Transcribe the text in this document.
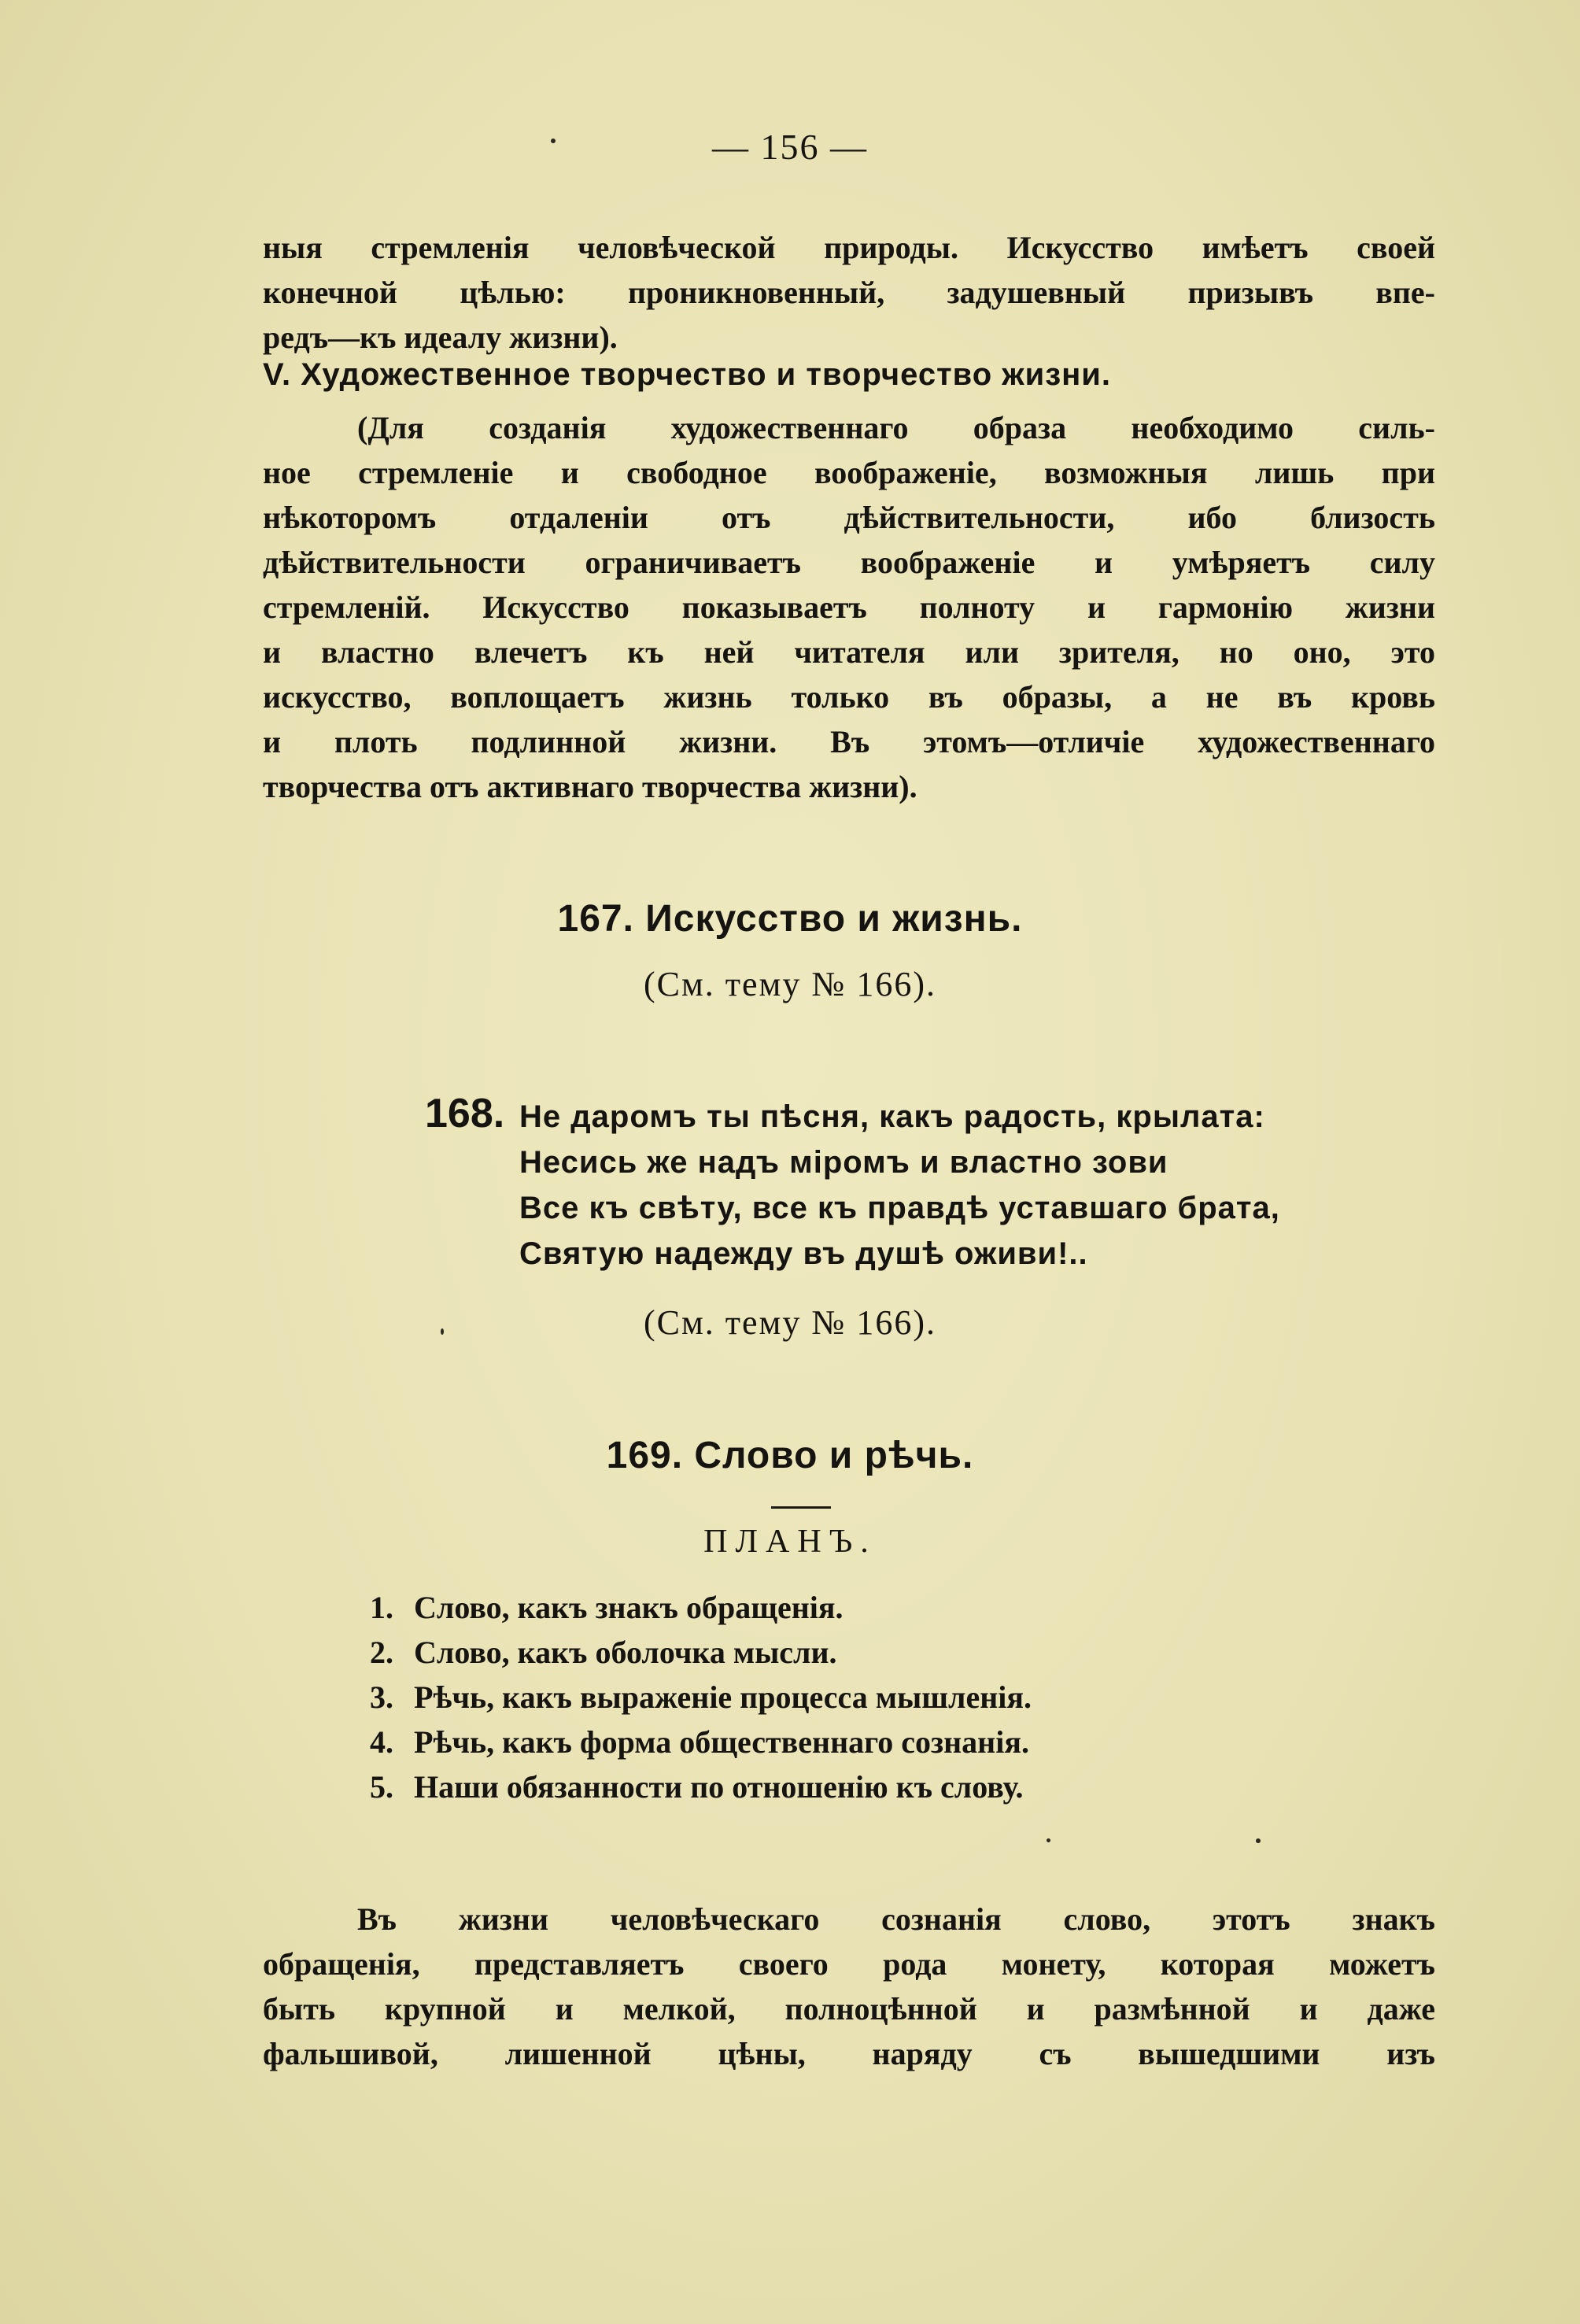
— 156 —
ныя стремленія человѣческой природы. Искусство имѣетъ своей
конечной цѣлью: проникновенный, задушевный призывъ впе-
редъ—къ идеалу жизни).
V. Художественное творчество и творчество жизни.
(Для созданія художественнаго образа необходимо силь-
ное стремленіе и свободное воображеніе, возможныя лишь при
нѣкоторомъ отдаленіи отъ дѣйствительности, ибо близость
дѣйствительности ограничиваетъ воображеніе и умѣряетъ силу
стремленій. Искусство показываетъ полноту и гармонію жизни
и властно влечетъ къ ней читателя или зрителя, но оно, это
искусство, воплощаетъ жизнь только въ образы, а не въ кровь
и плоть подлинной жизни. Въ этомъ—отличіе художественнаго
творчества отъ активнаго творчества жизни).
167. Искусство и жизнь.
(См. тему № 166).
168. Не даромъ ты пѣсня, какъ радость, крылата:
Несись же надъ міромъ и властно зови
Все къ свѣту, все къ правдѣ уставшаго брата,
Святую надежду въ душѣ оживи!..
(См. тему № 166).
169. Слово и рѣчь.
ПЛАНЪ.
1. Слово, какъ знакъ обращенія.
2. Слово, какъ оболочка мысли.
3. Рѣчь, какъ выраженіе процесса мышленія.
4. Рѣчь, какъ форма общественнаго сознанія.
5. Наши обязанности по отношенію къ слову.
Въ жизни человѣческаго сознанія слово, этотъ знакъ
обращенія, представляетъ своего рода монету, которая можетъ
быть крупной и мелкой, полноцѣнной и размѣнной и даже
фальшивой, лишенной цѣны, наряду съ вышедшими изъ
